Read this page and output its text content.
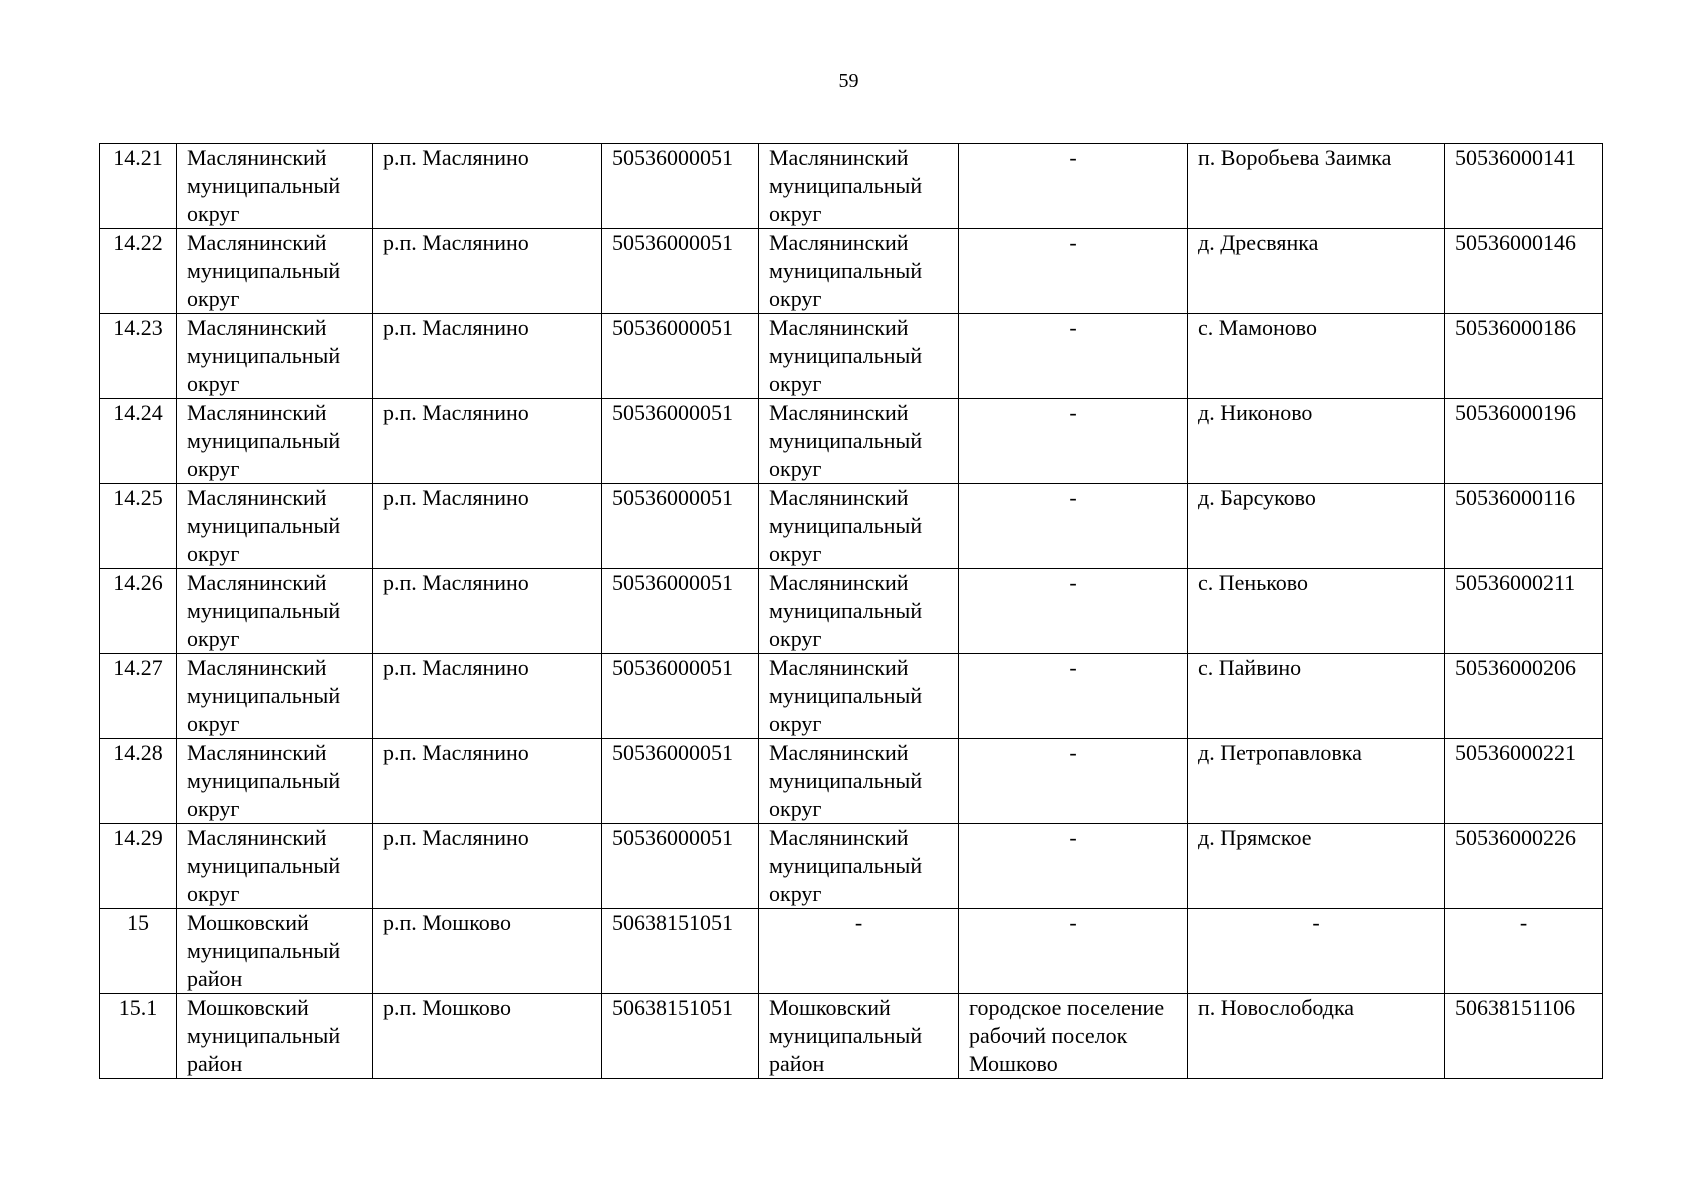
59
14.21	Маслянинский муниципальный округ	р.п. Маслянино	50536000051	Маслянинский муниципальный округ	-	п. Воробьева Заимка	50536000141
14.22	Маслянинский муниципальный округ	р.п. Маслянино	50536000051	Маслянинский муниципальный округ	-	д. Дресвянка	50536000146
14.23	Маслянинский муниципальный округ	р.п. Маслянино	50536000051	Маслянинский муниципальный округ	-	с. Мамоново	50536000186
14.24	Маслянинский муниципальный округ	р.п. Маслянино	50536000051	Маслянинский муниципальный округ	-	д. Никоново	50536000196
14.25	Маслянинский муниципальный округ	р.п. Маслянино	50536000051	Маслянинский муниципальный округ	-	д. Барсуково	50536000116
14.26	Маслянинский муниципальный округ	р.п. Маслянино	50536000051	Маслянинский муниципальный округ	-	с. Пеньково	50536000211
14.27	Маслянинский муниципальный округ	р.п. Маслянино	50536000051	Маслянинский муниципальный округ	-	с. Пайвино	50536000206
14.28	Маслянинский муниципальный округ	р.п. Маслянино	50536000051	Маслянинский муниципальный округ	-	д. Петропавловка	50536000221
14.29	Маслянинский муниципальный округ	р.п. Маслянино	50536000051	Маслянинский муниципальный округ	-	д. Прямское	50536000226
15	Мошковский муниципальный район	р.п. Мошково	50638151051	-	-	-	-
15.1	Мошковский муниципальный район	р.п. Мошково	50638151051	Мошковский муниципальный район	городское поселение рабочий поселок Мошково	п. Новослободка	50638151106
